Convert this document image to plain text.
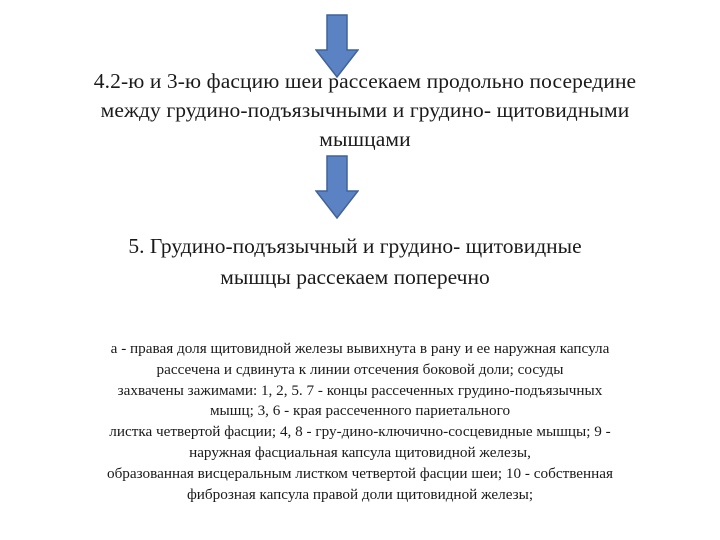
4.2-ю и 3-ю фасцию шеи рассекаем продольно посередине
между грудино-подъязычными и грудино- щитовидными
мышцами
5. Грудино-подъязычный и грудино- щитовидные
мышцы рассекаем поперечно
а - правая доля щитовидной железы вывихнута в рану и ее наружная капсула
рассечена и сдвинута к линии отсечения боковой доли; сосуды
захвачены зажимами: 1, 2, 5. 7 - концы рассеченных грудино-подъязычных
мышц; 3, 6 - края рассеченного париетального
листка четвертой фасции; 4, 8 - гру-дино-ключично-сосцевидные мышцы; 9 -
наружная фасциальная капсула щитовидной железы,
образованная висцеральным листком четвертой фасции шеи; 10 - собственная
фиброзная капсула правой доли щитовидной железы;
